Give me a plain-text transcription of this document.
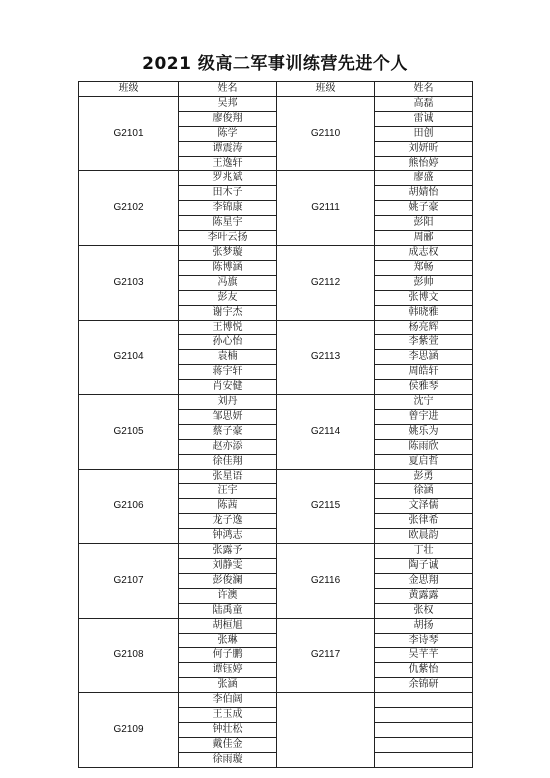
2021 级高二军事训练营先进个人
班级	姓名	班级	姓名
G2101	吴邦	G2110	高磊
	廖俊翔		雷诚
	陈学		田创
	谭震涛		刘妍昕
	王逸轩		熊怡婷
G2102	罗兆斌	G2111	廖盛
	田木子		胡婧怡
	李锦康		姚子豪
	陈星宇		彭阳
	李叶云扬		周郦
G2103	张梦璇	G2112	成志权
	陈博涵		郑畅
	冯旗		彭帅
	彭友		张博文
	谢宇杰		韩晓雅
G2104	王博悦	G2113	杨亮辉
	孙心怡		李紫萱
	袁楠		李思涵
	蒋宇轩		周皓轩
	肖安健		侯雅琴
G2105	刘丹	G2114	沈宁
	邹思妍		曾宇进
	蔡子豪		姚乐为
	赵亦添		陈雨欣
	徐佳翔		夏启哲
G2106	张星语	G2115	彭勇
	汪宇		徐涵
	陈茜		文泽儒
	龙子逸		张律希
	钟鸿志		欧晨韵
G2107	张露予	G2116	丁壮
	刘静雯		陶子诚
	彭俊澜		金思翔
	许澳		黄露露
	陆禹童		张权
G2108	胡桓旭	G2117	胡扬
	张琳		李诗琴
	何子鹏		吴芊芊
	谭钰婷		仇紫怡
	张涵		余锦研
G2109	李伯阔		
	王玉成		
	钟壮松		
	戴佳金		
	徐雨璇		
